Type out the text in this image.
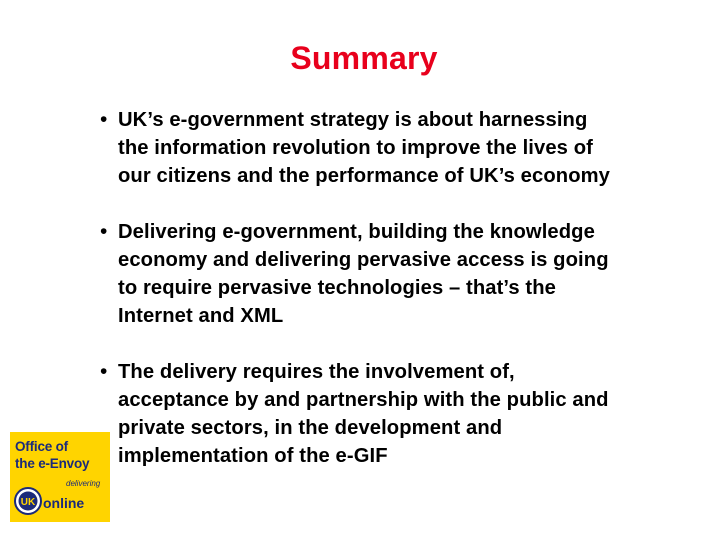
Summary
• UK’s e-government strategy is about harnessing
the information revolution to improve the lives of
our citizens and the performance of UK’s economy
• Delivering e-government, building the knowledge
economy and delivering pervasive access is going
to require pervasive technologies – that’s the
Internet and XML
• The delivery requires the involvement of,
acceptance by and partnership with the public and
private sectors, in the development and
implementation of the e-GIF
Office of
the e-Envoy
delivering
UK online
